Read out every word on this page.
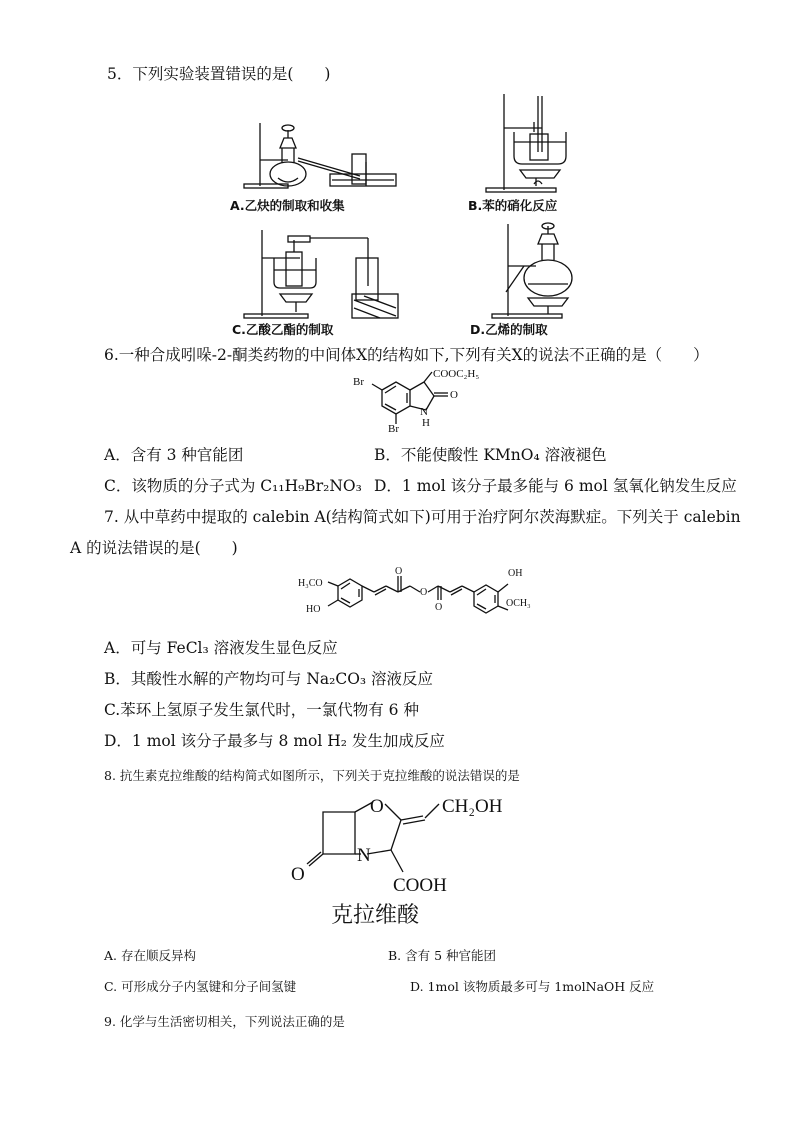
5．下列实验装置错误的是(　　)
A.乙炔的制取和收集	B.苯的硝化反应
C.乙酸乙酯的制取	D.乙烯的制取
6.一种合成吲哚-2-酮类药物的中间体X的结构如下,下列有关X的说法不正确的是（　　）
COOC₂H₅
Br
Br
N
H
O
A．含有 3 种官能团	B．不能使酸性 KMnO₄ 溶液褪色
C．该物质的分子式为 C₁₁H₉Br₂NO₃ D．1 mol 该分子最多能与 6 mol 氢氧化钠发生反应
7. 从中草药中提取的 calebin A(结构简式如下)可用于治疗阿尔茨海默症。下列关于 calebin
A 的说法错误的是(　　)
H₃CO
HO
O
O
O
OH
OCH₃
A．可与 FeCl₃ 溶液发生显色反应
B．其酸性水解的产物均可与 Na₂CO₃ 溶液反应
C.苯环上氢原子发生氯代时，一氯代物有 6 种
D．1 mol 该分子最多与 8 mol H₂ 发生加成反应
8. 抗生素克拉维酸的结构简式如图所示，下列关于克拉维酸的说法错误的是
O	CH₂OH
N
O
COOH
克拉维酸
A. 存在顺反异构	B. 含有 5 种官能团
C. 可形成分子内氢键和分子间氢键	D. 1mol 该物质最多可与 1molNaOH 反应
9. 化学与生活密切相关，下列说法正确的是
